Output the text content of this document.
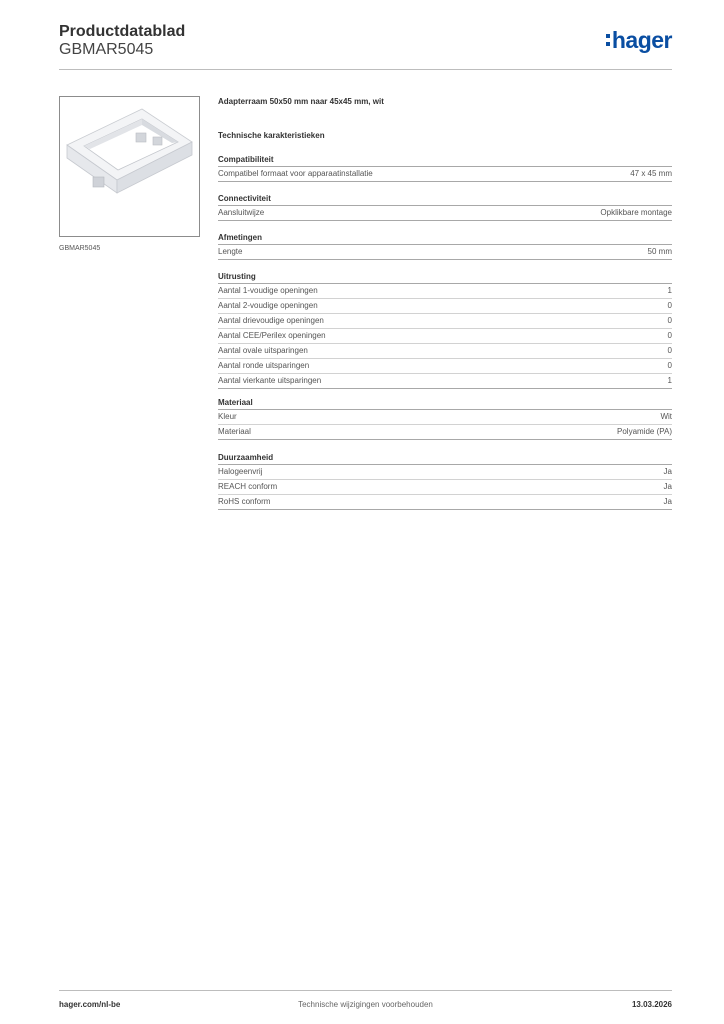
Productdatablad
GBMAR5045	hager
GBMAR5045
Adapterraam 50x50 mm naar 45x45 mm, wit
Technische karakteristieken
Compatibiliteit
Compatibel formaat voor apparaatinstallatie	47 x 45 mm
Connectiviteit
Aansluitwijze	Opklikbare montage
Afmetingen
Lengte	50 mm
Uitrusting
Aantal 1-voudige openingen	1
Aantal 2-voudige openingen	0
Aantal drievoudige openingen	0
Aantal CEE/Perilex openingen	0
Aantal ovale uitsparingen	0
Aantal ronde uitsparingen	0
Aantal vierkante uitsparingen	1
Materiaal
Kleur	Wit
Materiaal	Polyamide (PA)
Duurzaamheid
Halogeenvrij	Ja
REACH conform	Ja
RoHS conform	Ja
hager.com/nl-be	Technische wijzigingen voorbehouden	13.03.2026
